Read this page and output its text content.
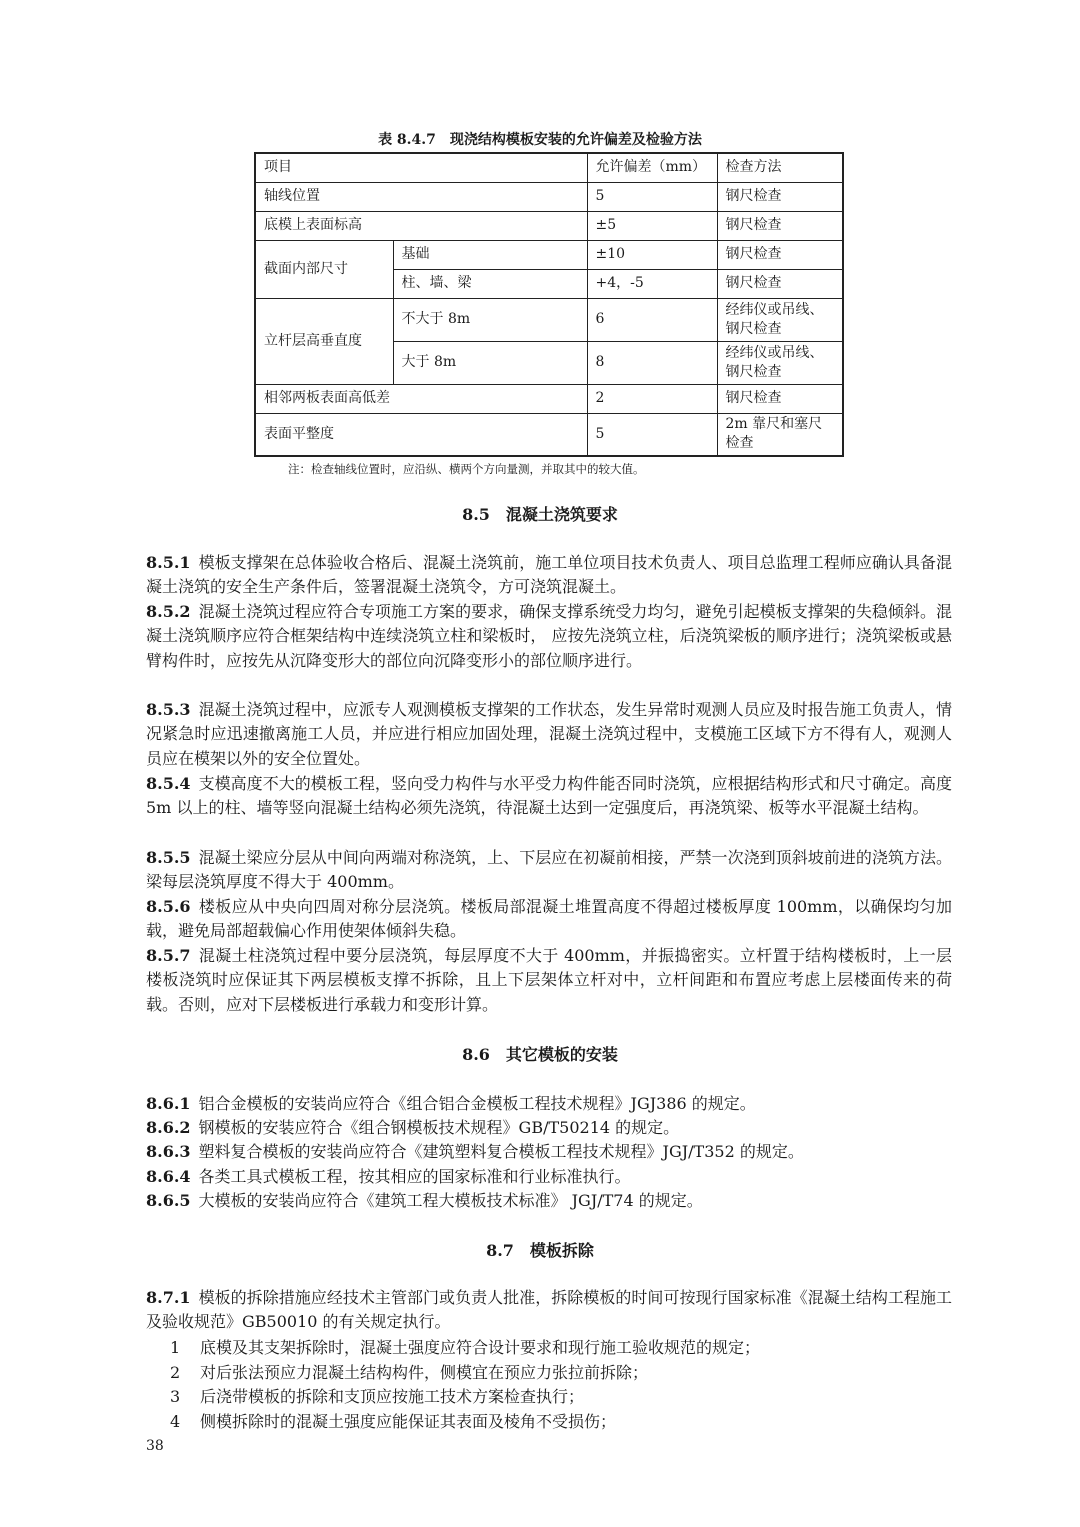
表 8.4.7　现浇结构模板安装的允许偏差及检验方法
项目		允许偏差（mm）	检查方法
轴线位置		5	钢尺检查
底模上表面标高		±5	钢尺检查
截面内部尺寸	基础	±10	钢尺检查
	柱、墙、梁	+4，-5	钢尺检查
立杆层高垂直度	不大于 8m	6	经纬仪或吊线、钢尺检查
	大于 8m	8	经纬仪或吊线、钢尺检查
相邻两板表面高低差		2	钢尺检查
表面平整度		5	2m 靠尺和塞尺检查
注：检查轴线位置时，应沿纵、横两个方向量测，并取其中的较大值。
8.5　混凝土浇筑要求
8.5.1 模板支撑架在总体验收合格后、混凝土浇筑前，施工单位项目技术负责人、项目总监理工程师应确认具备混凝土浇筑的安全生产条件后，签署混凝土浇筑令，方可浇筑混凝土。
8.5.2 混凝土浇筑过程应符合专项施工方案的要求，确保支撑系统受力均匀，避免引起模板支撑架的失稳倾斜。混凝土浇筑顺序应符合框架结构中连续浇筑立柱和梁板时， 应按先浇筑立柱，后浇筑梁板的顺序进行；浇筑梁板或悬臂构件时，应按先从沉降变形大的部位向沉降变形小的部位顺序进行。
8.5.3 混凝土浇筑过程中，应派专人观测模板支撑架的工作状态，发生异常时观测人员应及时报告施工负责人，情况紧急时应迅速撤离施工人员，并应进行相应加固处理，混凝土浇筑过程中，支模施工区域下方不得有人，观测人员应在模架以外的安全位置处。
8.5.4 支模高度不大的模板工程，竖向受力构件与水平受力构件能否同时浇筑，应根据结构形式和尺寸确定。高度 5m 以上的柱、墙等竖向混凝土结构必须先浇筑，待混凝土达到一定强度后，再浇筑梁、板等水平混凝土结构。
8.5.5 混凝土梁应分层从中间向两端对称浇筑，上、下层应在初凝前相接，严禁一次浇到顶斜坡前进的浇筑方法。梁每层浇筑厚度不得大于 400mm。
8.5.6 楼板应从中央向四周对称分层浇筑。楼板局部混凝土堆置高度不得超过楼板厚度 100mm，以确保均匀加载，避免局部超载偏心作用使架体倾斜失稳。
8.5.7 混凝土柱浇筑过程中要分层浇筑，每层厚度不大于 400mm，并振捣密实。立杆置于结构楼板时，上一层楼板浇筑时应保证其下两层模板支撑不拆除，且上下层架体立杆对中，立杆间距和布置应考虑上层楼面传来的荷载。否则，应对下层楼板进行承载力和变形计算。
8.6　其它模板的安装
8.6.1 铝合金模板的安装尚应符合《组合铝合金模板工程技术规程》JGJ386 的规定。
8.6.2 钢模板的安装应符合《组合钢模板技术规程》GB/T50214 的规定。
8.6.3 塑料复合模板的安装尚应符合《建筑塑料复合模板工程技术规程》JGJ/T352 的规定。
8.6.4 各类工具式模板工程，按其相应的国家标准和行业标准执行。
8.6.5 大模板的安装尚应符合《建筑工程大模板技术标准》 JGJ/T74 的规定。
8.7　模板拆除
8.7.1 模板的拆除措施应经技术主管部门或负责人批准，拆除模板的时间可按现行国家标准《混凝土结构工程施工及验收规范》GB50010 的有关规定执行。
1 底模及其支架拆除时，混凝土强度应符合设计要求和现行施工验收规范的规定；
2 对后张法预应力混凝土结构构件，侧模宜在预应力张拉前拆除；
3 后浇带模板的拆除和支顶应按施工技术方案检查执行；
4 侧模拆除时的混凝土强度应能保证其表面及棱角不受损伤；
38
